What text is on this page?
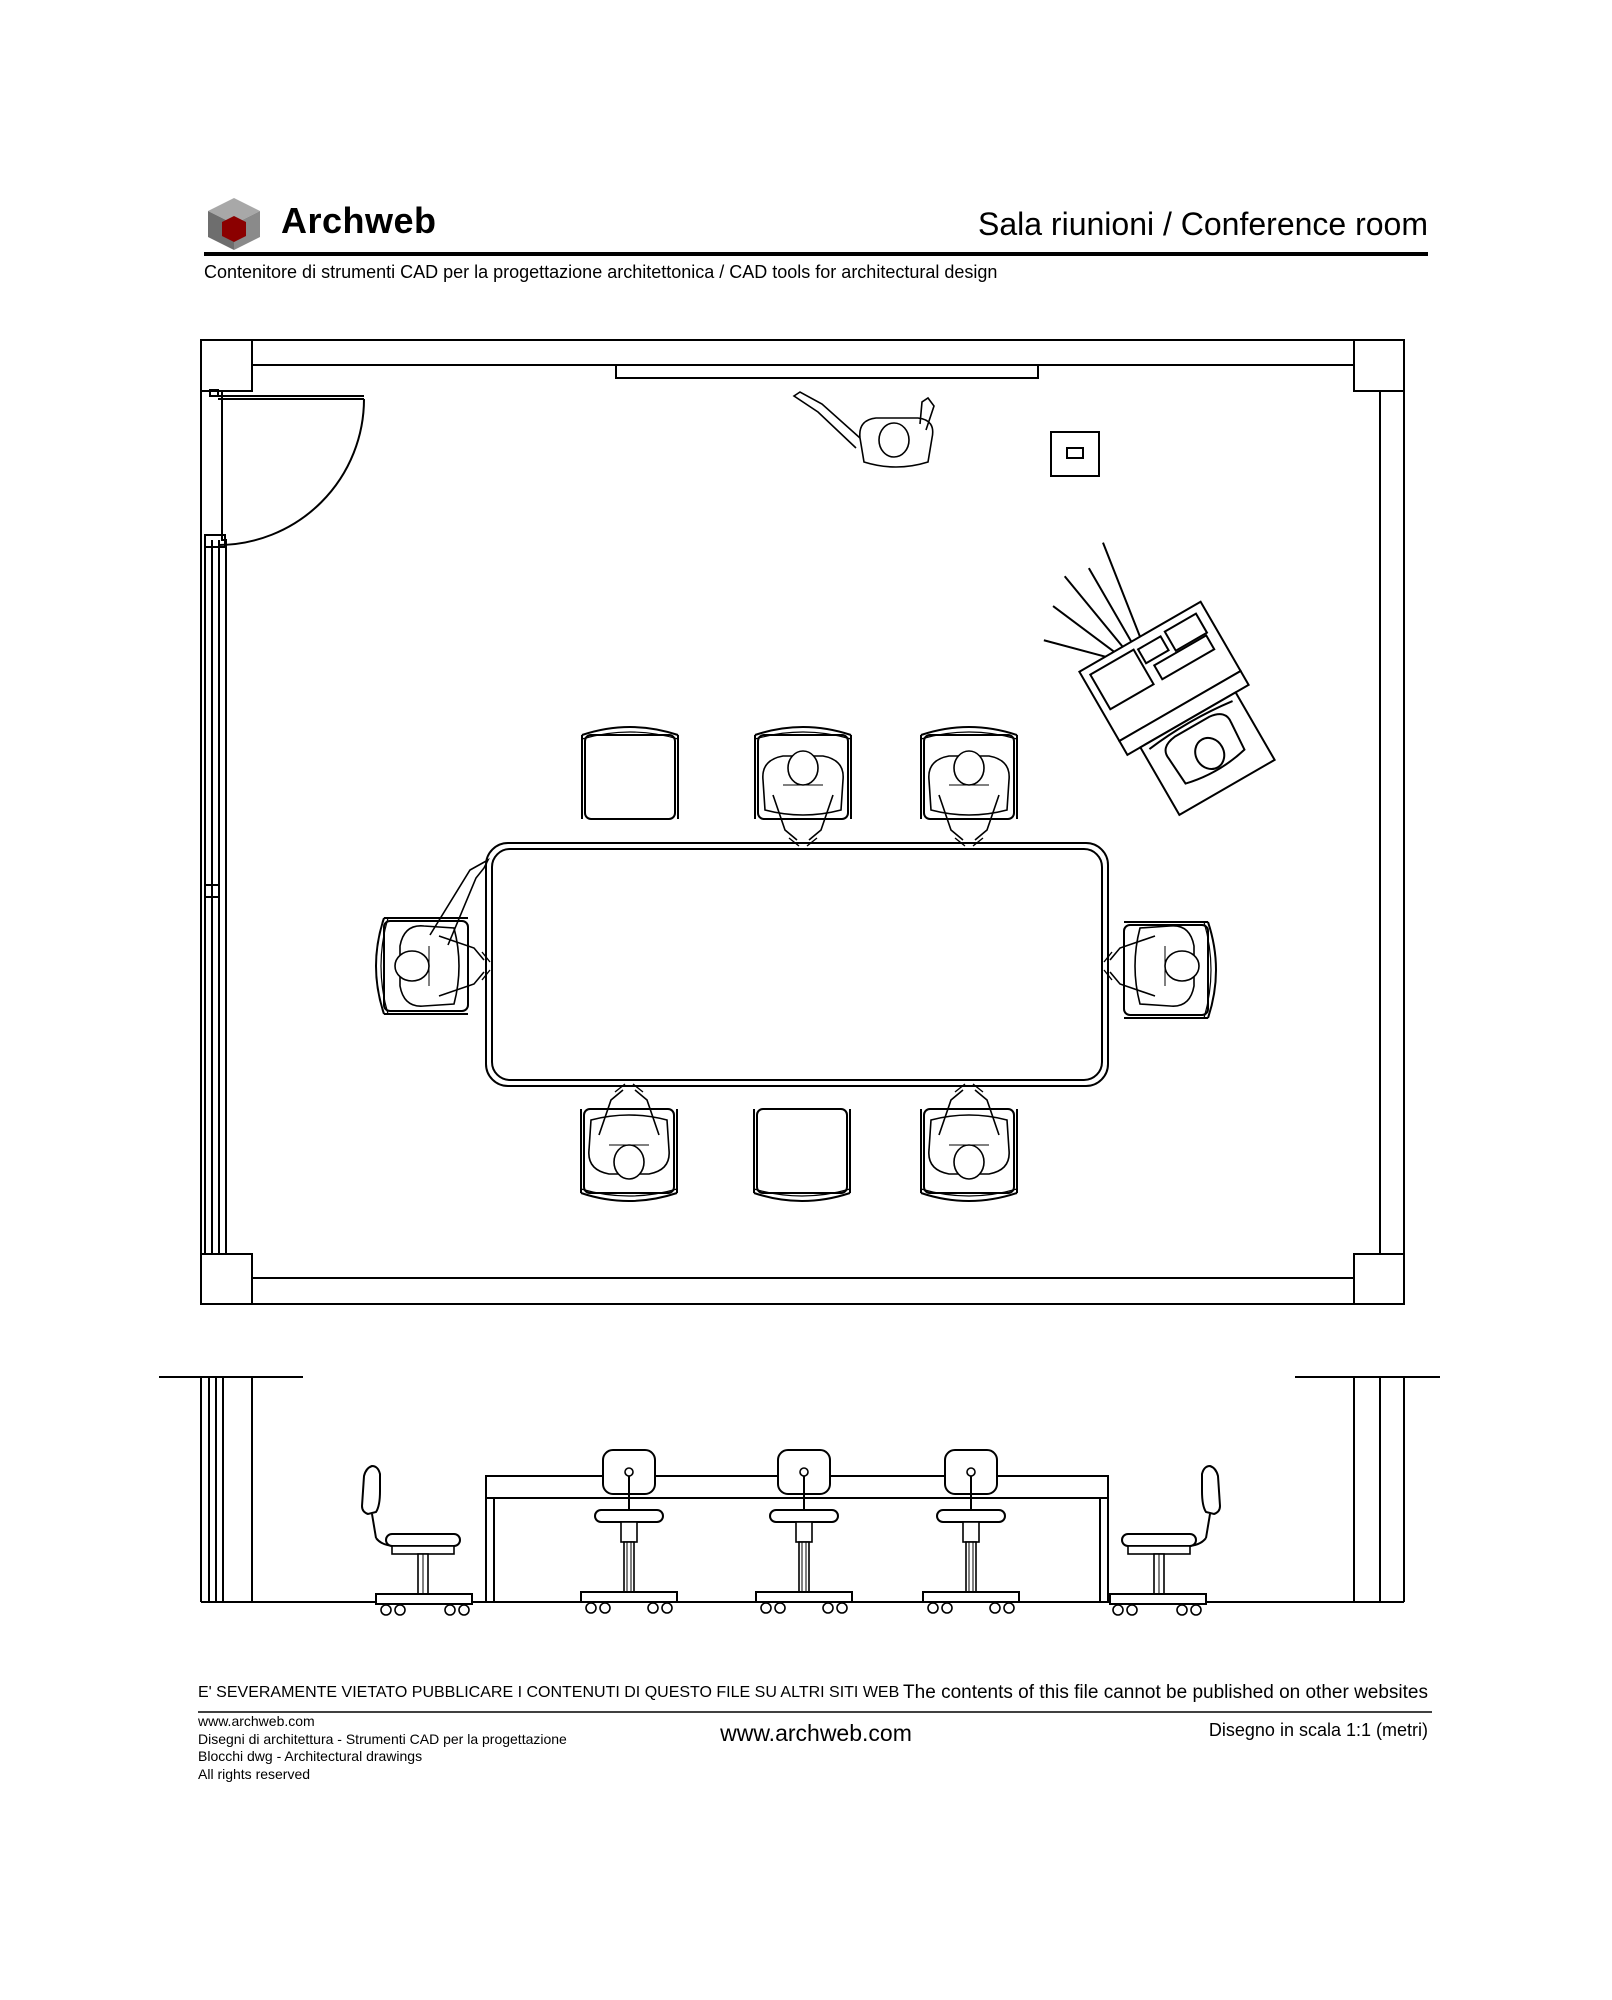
Archweb	Sala riunioni / Conference room
Contenitore di strumenti CAD per la progettazione architettonica / CAD tools for architectural design
E' SEVERAMENTE VIETATO PUBBLICARE I CONTENUTI DI QUESTO FILE SU ALTRI SITI WEB The contents of this file cannot be published on other websites
www.archweb.com	Disegno in scala 1:1 (metri)
www.archweb.com
Disegni di architettura - Strumenti CAD per la progettazione
Blocchi dwg - Architectural drawings
All rights reserved
